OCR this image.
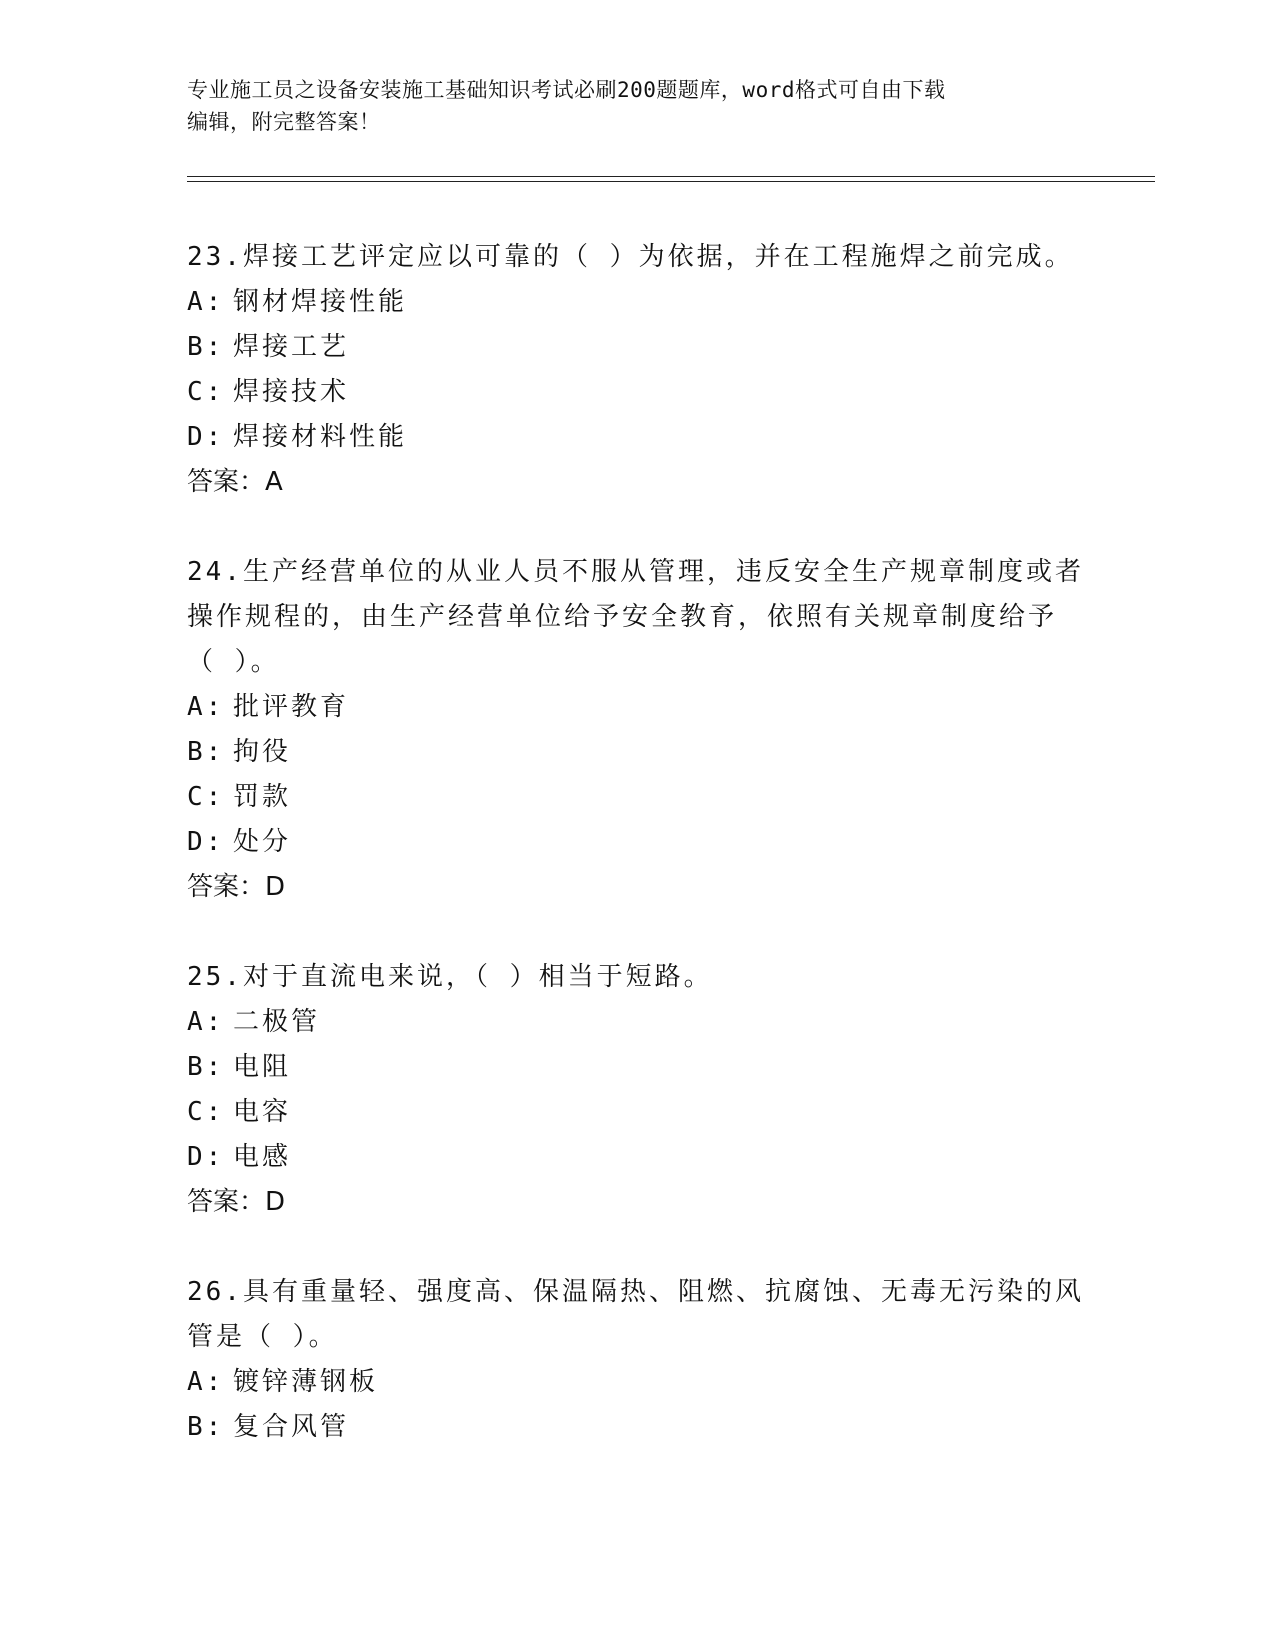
专业施工员之设备安装施工基础知识考试必刷200题题库，word格式可自由下载
编辑，附完整答案！
23.焊接工艺评定应以可靠的（ ）为依据，并在工程施焊之前完成。
A: 钢材焊接性能
B: 焊接工艺
C: 焊接技术
D: 焊接材料性能
答案：A
24.生产经营单位的从业人员不服从管理，违反安全生产规章制度或者
操作规程的，由生产经营单位给予安全教育，依照有关规章制度给予
（ ）。
A: 批评教育
B: 拘役
C: 罚款
D: 处分
答案：D
25.对于直流电来说，（ ）相当于短路。
A: 二极管
B: 电阻
C: 电容
D: 电感
答案：D
26.具有重量轻、强度高、保温隔热、阻燃、抗腐蚀、无毒无污染的风
管是（ ）。
A: 镀锌薄钢板
B: 复合风管
